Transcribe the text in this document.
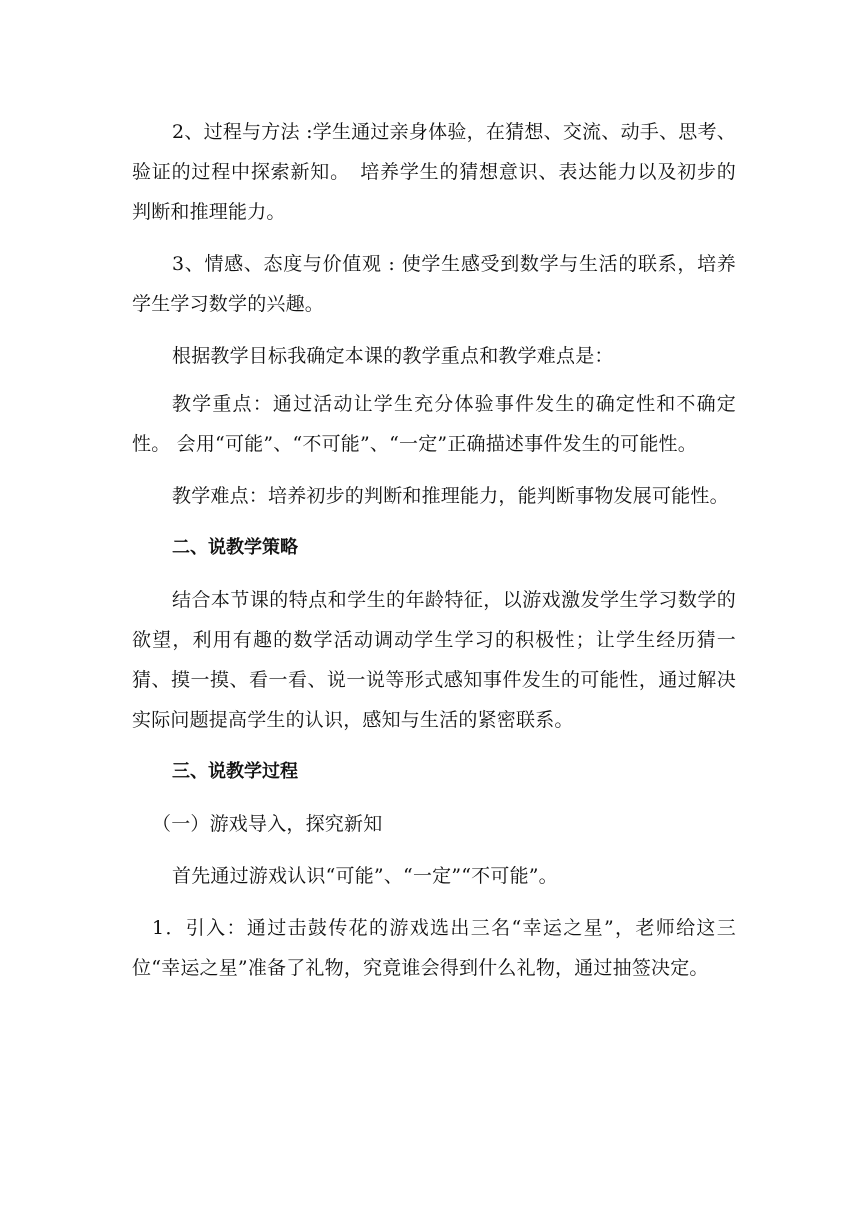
2、过程与方法 :学生通过亲身体验，在猜想、交流、动手、思考、验证的过程中探索新知。　培养学生的猜想意识、表达能力以及初步的判断和推理能力。

3、情感、态度与价值观 : 使学生感受到数学与生活的联系，培养学生学习数学的兴趣。

根据教学目标我确定本课的教学重点和教学难点是：

教学重点：通过活动让学生充分体验事件发生的确定性和不确定性。 会用“可能”、“不可能”、“一定”正确描述事件发生的可能性。

教学难点：培养初步的判断和推理能力，能判断事物发展可能性。

二、说教学策略

结合本节课的特点和学生的年龄特征，以游戏激发学生学习数学的欲望，利用有趣的数学活动调动学生学习的积极性；让学生经历猜一猜、摸一摸、看一看、说一说等形式感知事件发生的可能性，通过解决实际问题提高学生的认识，感知与生活的紧密联系。

三、说教学过程

（一）游戏导入，探究新知

首先通过游戏认识“可能”、“一定”“不可能”。

1．引入：通过击鼓传花的游戏选出三名“幸运之星”，老师给这三位“幸运之星”准备了礼物，究竟谁会得到什么礼物，通过抽签决定。
